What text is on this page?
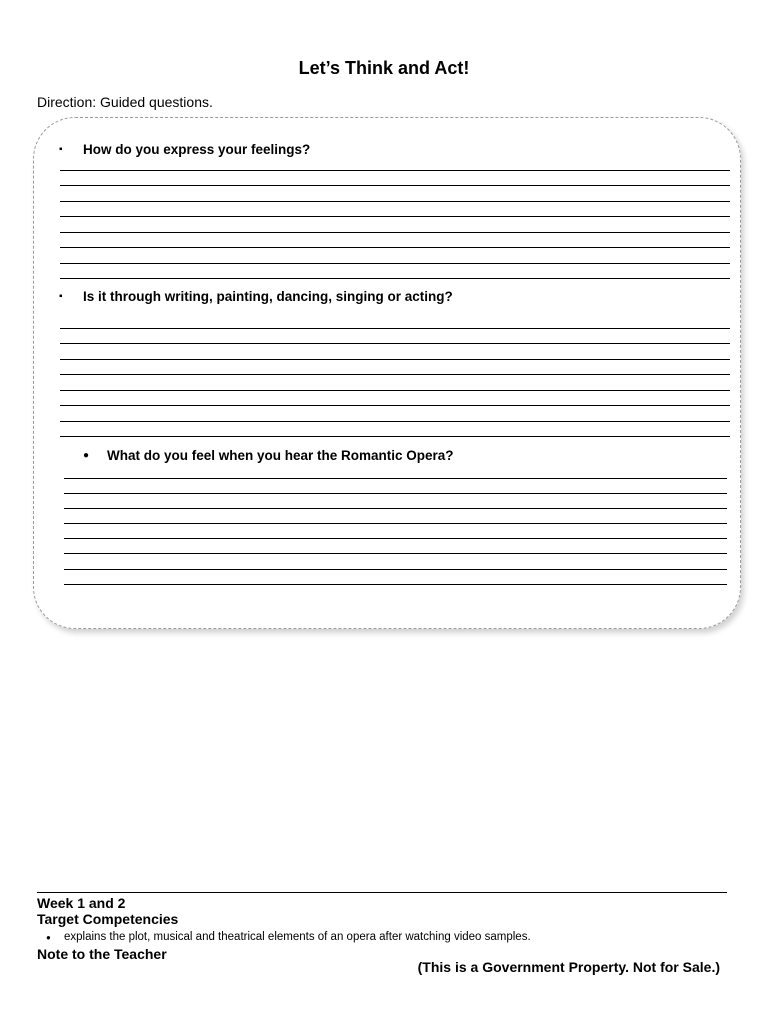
Let’s Think and Act!
Direction: Guided questions.
▪ How do you express your feelings?
▪ Is it through writing, painting, dancing, singing or acting?
● What do you feel when you hear the Romantic Opera?
Week 1 and 2
Target Competencies
● explains the plot, musical and theatrical elements of an opera after watching video samples.
Note to the Teacher
(This is a Government Property. Not for Sale.)
